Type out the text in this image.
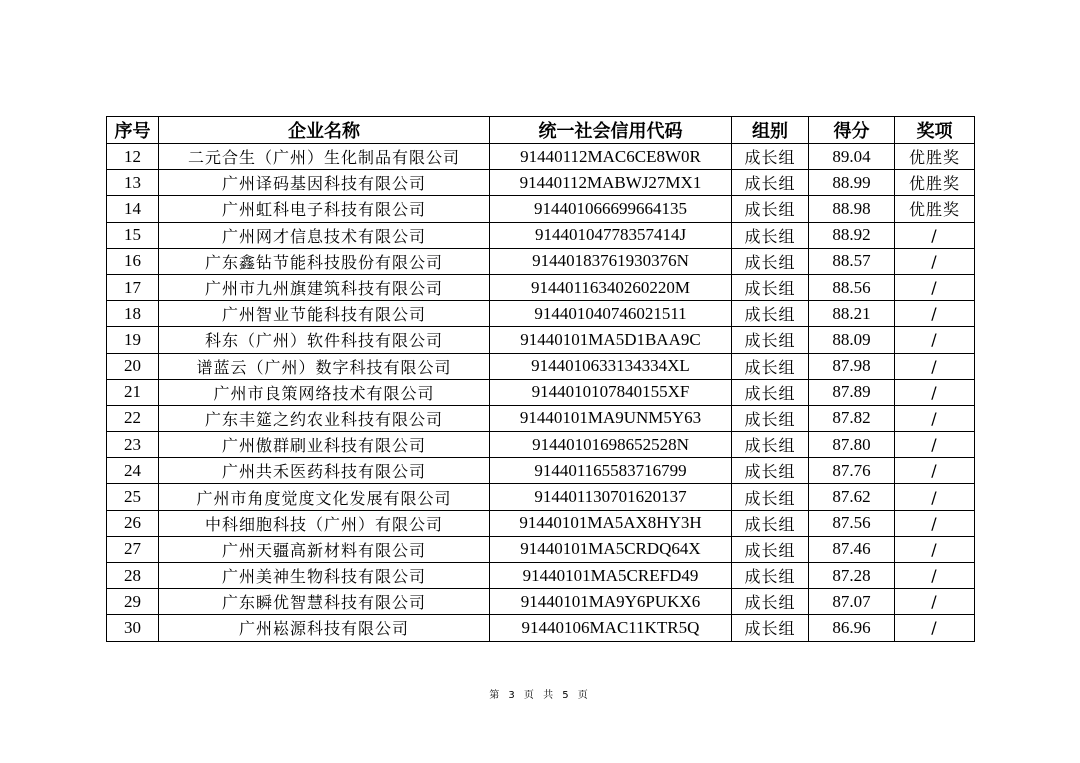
序号	企业名称	统一社会信用代码	组别	得分	奖项
12	二元合生（广州）生化制品有限公司	91440112MAC6CE8W0R	成长组	89.04	优胜奖
13	广州译码基因科技有限公司	91440112MABWJ27MX1	成长组	88.99	优胜奖
14	广州虹科电子科技有限公司	914401066699664135	成长组	88.98	优胜奖
15	广州网才信息技术有限公司	91440104778357414J	成长组	88.92	/
16	广东鑫钻节能科技股份有限公司	91440183761930376N	成长组	88.57	/
17	广州市九州旗建筑科技有限公司	91440116340260220M	成长组	88.56	/
18	广州智业节能科技有限公司	914401040746021511	成长组	88.21	/
19	科东（广州）软件科技有限公司	91440101MA5D1BAA9C	成长组	88.09	/
20	谱蓝云（广州）数字科技有限公司	9144010633134334XL	成长组	87.98	/
21	广州市良策网络技术有限公司	9144010107840155XF	成长组	87.89	/
22	广东丰筵之约农业科技有限公司	91440101MA9UNM5Y63	成长组	87.82	/
23	广州傲群刷业科技有限公司	91440101698652528N	成长组	87.80	/
24	广州共禾医药科技有限公司	914401165583716799	成长组	87.76	/
25	广州市角度觉度文化发展有限公司	914401130701620137	成长组	87.62	/
26	中科细胞科技（广州）有限公司	91440101MA5AX8HY3H	成长组	87.56	/
27	广州天疆高新材料有限公司	91440101MA5CRDQ64X	成长组	87.46	/
28	广州美神生物科技有限公司	91440101MA5CREFD49	成长组	87.28	/
29	广东瞬优智慧科技有限公司	91440101MA9Y6PUKX6	成长组	87.07	/
30	广州崧源科技有限公司	91440106MAC11KTR5Q	成长组	86.96	/
第 3 页 共 5 页
